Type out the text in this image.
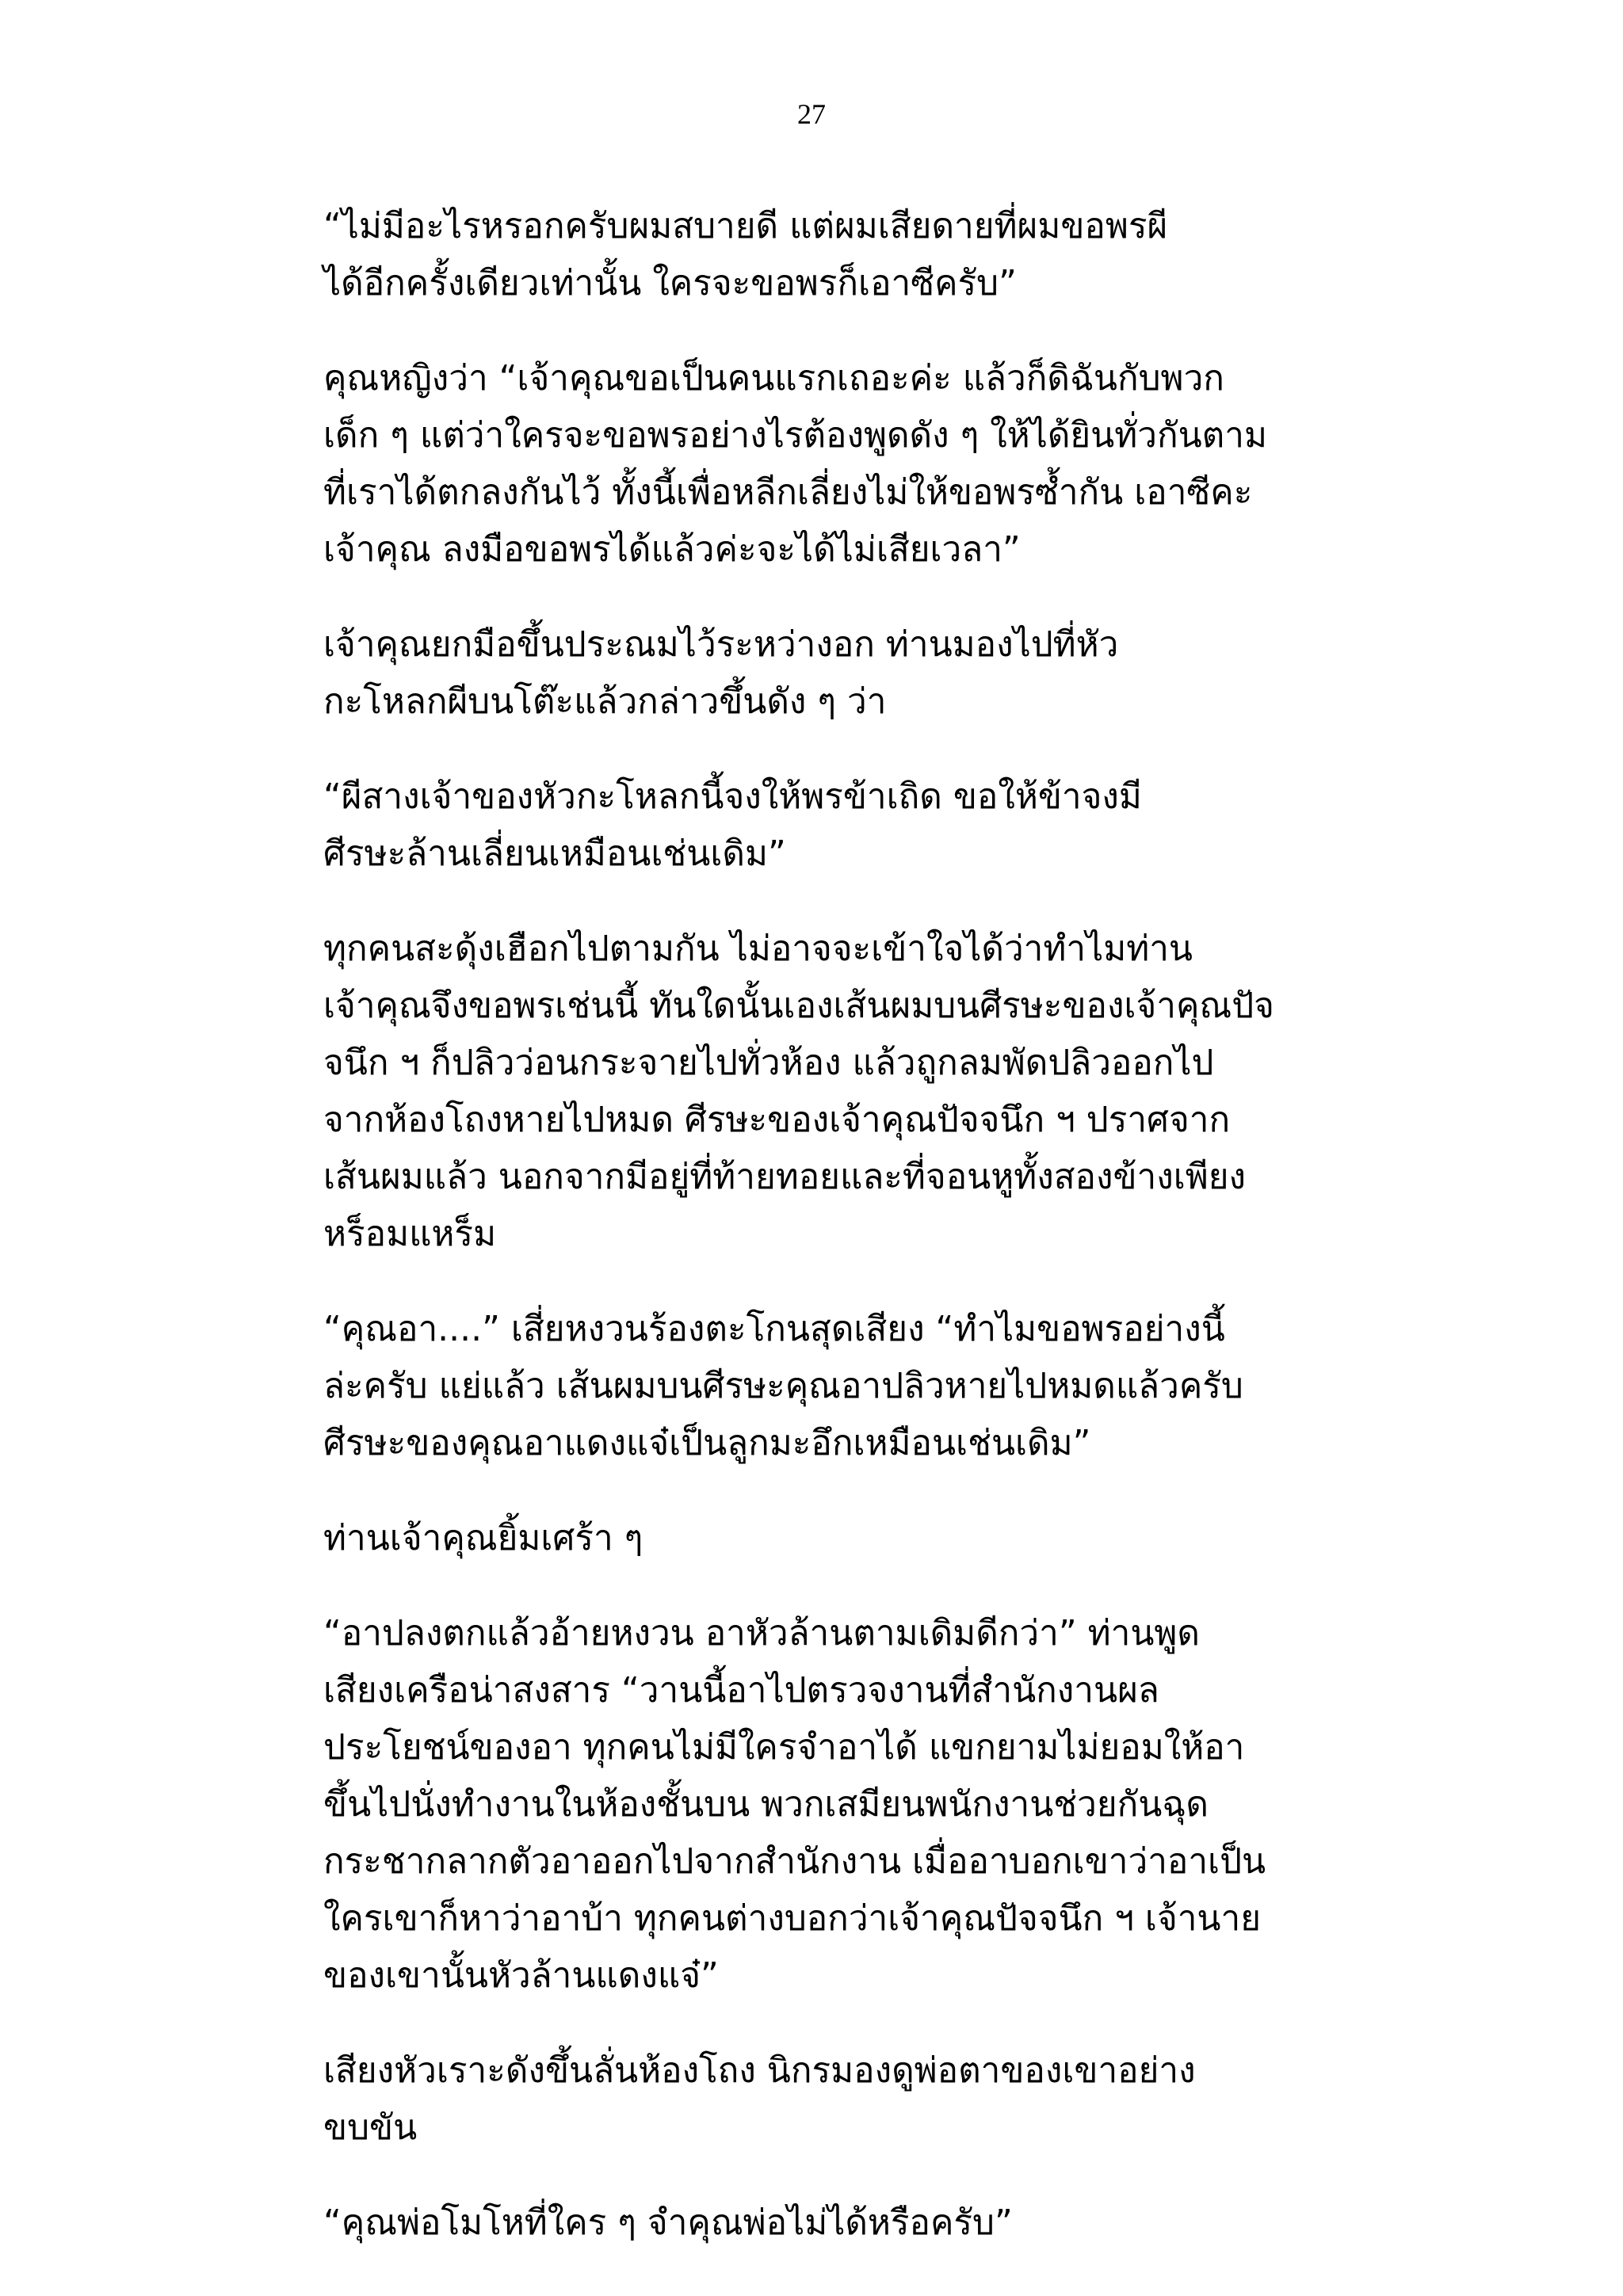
27

“ไม่มีอะไรหรอกครับผมสบายดี แต่ผมเสียดายที่ผมขอพรผี
ได้อีกครั้งเดียวเท่านั้น ใครจะขอพรก็เอาซีครับ”

คุณหญิงว่า “เจ้าคุณขอเป็นคนแรกเถอะค่ะ แล้วก็ดิฉันกับพวก
เด็ก ๆ แต่ว่าใครจะขอพรอย่างไรต้องพูดดัง ๆ ให้ได้ยินทั่วกันตาม
ที่เราได้ตกลงกันไว้ ทั้งนี้เพื่อหลีกเลี่ยงไม่ให้ขอพรซ้ำกัน เอาซีคะ
เจ้าคุณ ลงมือขอพรได้แล้วค่ะจะได้ไม่เสียเวลา”

เจ้าคุณยกมือขึ้นประณมไว้ระหว่างอก ท่านมองไปที่หัว
กะโหลกผีบนโต๊ะแล้วกล่าวขึ้นดัง ๆ ว่า

“ผีสางเจ้าของหัวกะโหลกนี้จงให้พรข้าเถิด ขอให้ข้าจงมี
ศีรษะล้านเลี่ยนเหมือนเช่นเดิม”

ทุกคนสะดุ้งเฮือกไปตามกัน ไม่อาจจะเข้าใจได้ว่าทำไมท่าน
เจ้าคุณจึงขอพรเช่นนี้ ทันใดนั้นเองเส้นผมบนศีรษะของเจ้าคุณปัจ
จนึก ฯ ก็ปลิวว่อนกระจายไปทั่วห้อง แล้วถูกลมพัดปลิวออกไป
จากห้องโถงหายไปหมด ศีรษะของเจ้าคุณปัจจนึก ฯ ปราศจาก
เส้นผมแล้ว นอกจากมีอยู่ที่ท้ายทอยและที่จอนหูทั้งสองข้างเพียง
หร็อมแหร็ม

“คุณอา....” เสี่ยหงวนร้องตะโกนสุดเสียง “ทำไมขอพรอย่างนี้
ล่ะครับ แย่แล้ว เส้นผมบนศีรษะคุณอาปลิวหายไปหมดแล้วครับ
ศีรษะของคุณอาแดงแจ๋เป็นลูกมะอึกเหมือนเช่นเดิม”

ท่านเจ้าคุณยิ้มเศร้า ๆ

“อาปลงตกแล้วอ้ายหงวน อาหัวล้านตามเดิมดีกว่า” ท่านพูด
เสียงเครือน่าสงสาร “วานนี้อาไปตรวจงานที่สำนักงานผล
ประโยชน์ของอา ทุกคนไม่มีใครจำอาได้ แขกยามไม่ยอมให้อา
ขึ้นไปนั่งทำงานในห้องชั้นบน พวกเสมียนพนักงานช่วยกันฉุด
กระชากลากตัวอาออกไปจากสำนักงาน เมื่ออาบอกเขาว่าอาเป็น
ใครเขาก็หาว่าอาบ้า ทุกคนต่างบอกว่าเจ้าคุณปัจจนึก ฯ เจ้านาย
ของเขานั้นหัวล้านแดงแจ๋”

เสียงหัวเราะดังขึ้นลั่นห้องโถง นิกรมองดูพ่อตาของเขาอย่าง
ขบขัน

“คุณพ่อโมโหที่ใคร ๆ จำคุณพ่อไม่ได้หรือครับ”
